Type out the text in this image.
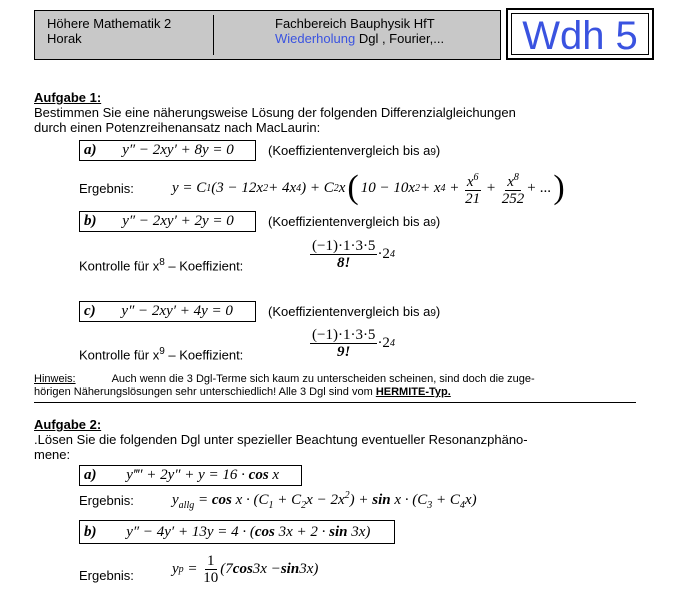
Höhere Mathematik 2
Horak
Fachbereich Bauphysik HfT
Wiederholung Dgl , Fourier,... Wdh 5
Aufgabe 1:
Bestimmen Sie eine näherungsweise Lösung der folgenden Differenzialgleichungen
durch einen Potenzreihenansatz nach MacLaurin:
a) y″ − 2xy′ + 8y = 0	(Koeffizientenvergleich bis a9)
Ergebnis:	y = C 1 (3 − 12x 2 + 4x 4 ) + C 2 x ( 10 − 10x 2 + x $4 + \frac{x^6}{21} + \frac{x^8}{252}$ + ... )
b) y″ − 2xy′ + 2y = 0	(Koeffizientenvergleich bis a9)
Kontrolle für $x^8$ – Koeffizient:	$\frac{(-1)\cdot 1\cdot 3\cdot 5}{8!} \cdot 2$ 4
c) y″ − 2xy′ + 4y = 0	(Koeffizientenvergleich bis a9)
Kontrolle für $x^9$ – Koeffizient:	$\frac{(-1)\cdot 1\cdot 3\cdot 5}{9!} \cdot 2$ 4
Hinweis:	Auch wenn die 3 Dgl-Terme sich kaum zu unterscheiden scheinen, sind doch die zuge-
hörigen Näherungslösungen sehr unterschiedlich! Alle 3 Dgl sind vom HERMITE-Typ.
Aufgabe 2:
.Lösen Sie die folgenden Dgl unter spezieller Beachtung eventueller Resonanzphäno-
mene:
a) y‴′ + 2y″ + y = 16 · cos x
Ergebnis:	$y_{allg} = \cos x \cdot (C_1 + C_2x - 2x^2) + \sin x \cdot (C_3 + C_4x)$
b) y″ − 4y′ + 13y = 4 · (cos 3x + 2 · sin 3x)
Ergebnis:	y $p = \frac{1}{10} (7$ cos 3x − sin 3x)
